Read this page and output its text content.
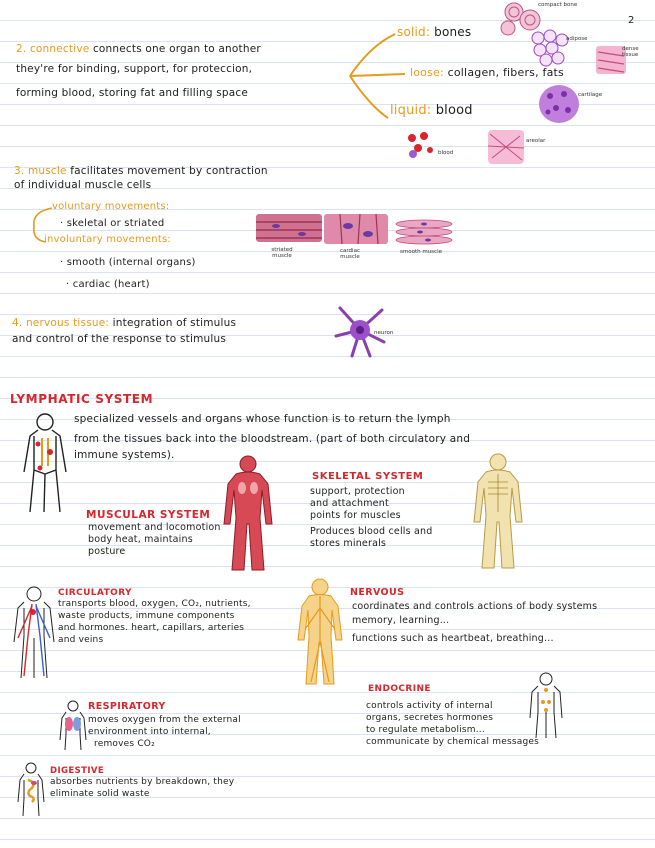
2
2. connective connects one organ to another
they're for binding, support, for proteccion,
forming blood, storing fat and filling space
solid: bones
loose: collagen, fibers, fats
liquid: blood
compact bone
adipose
dense tissue
cartilage
blood
areolar
3. muscle facilitates movement by contraction
of individual muscle cells
voluntary movements:
· skeletal or striated
involuntary movements:
· smooth (internal organs)
· cardiac (heart)
striated muscle
cardiac muscle
smooth muscle
4. nervous tissue: integration of stimulus
and control of the response to stimulus	neuron
LYMPHATIC SYSTEM
specialized vessels and organs whose function is to return the lymph
from the tissues back into the bloodstream. (part of both circulatory and
immune systems).
MUSCULAR SYSTEM
movement and locomotion
body heat, maintains
posture
SKELETAL SYSTEM
support, protection
and attachment
points for muscles
Produces blood cells and
stores minerals
CIRCULATORY
transports blood, oxygen, CO₂, nutrients,
waste products, immune components
and hormones. heart, capillars, arteries
and veins
NERVOUS
coordinates and controls actions of body systems
memory, learning...
functions such as heartbeat, breathing...
ENDOCRINE
controls activity of internal
organs, secretes hormones
to regulate metabolism...
communicate by chemical messages
RESPIRATORY
moves oxygen from the external
environment into internal,
removes CO₂
DIGESTIVE
absorbes nutrients by breakdown, they
eliminate solid waste
